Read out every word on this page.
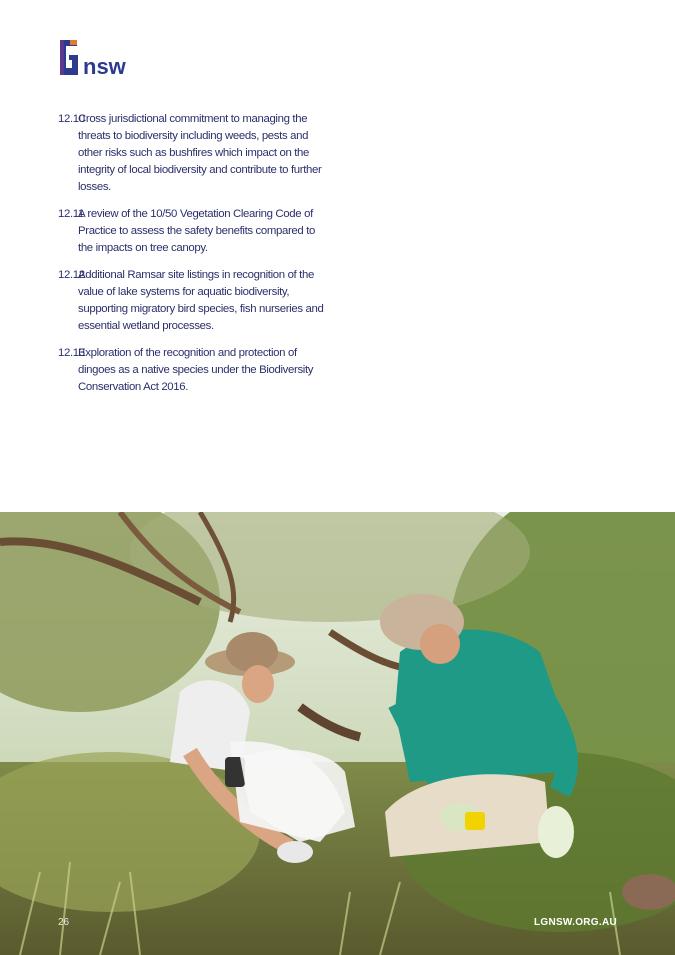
nsw
12.10
Cross jurisdictional commitment to managing the threats to biodiversity including weeds, pests and other risks such as bushfires which impact on the integrity of local biodiversity and contribute to further losses.
12.11
A review of the 10/50 Vegetation Clearing Code of Practice to assess the safety benefits compared to the impacts on tree canopy.
12.12
Additional Ramsar site listings in recognition of the value of lake systems for aquatic biodiversity, supporting migratory bird species, fish nurseries and essential wetland processes.
12.13
Exploration of the recognition and protection of dingoes as a native species under the Biodiversity Conservation Act 2016.
26	LGNSW.ORG.AU
